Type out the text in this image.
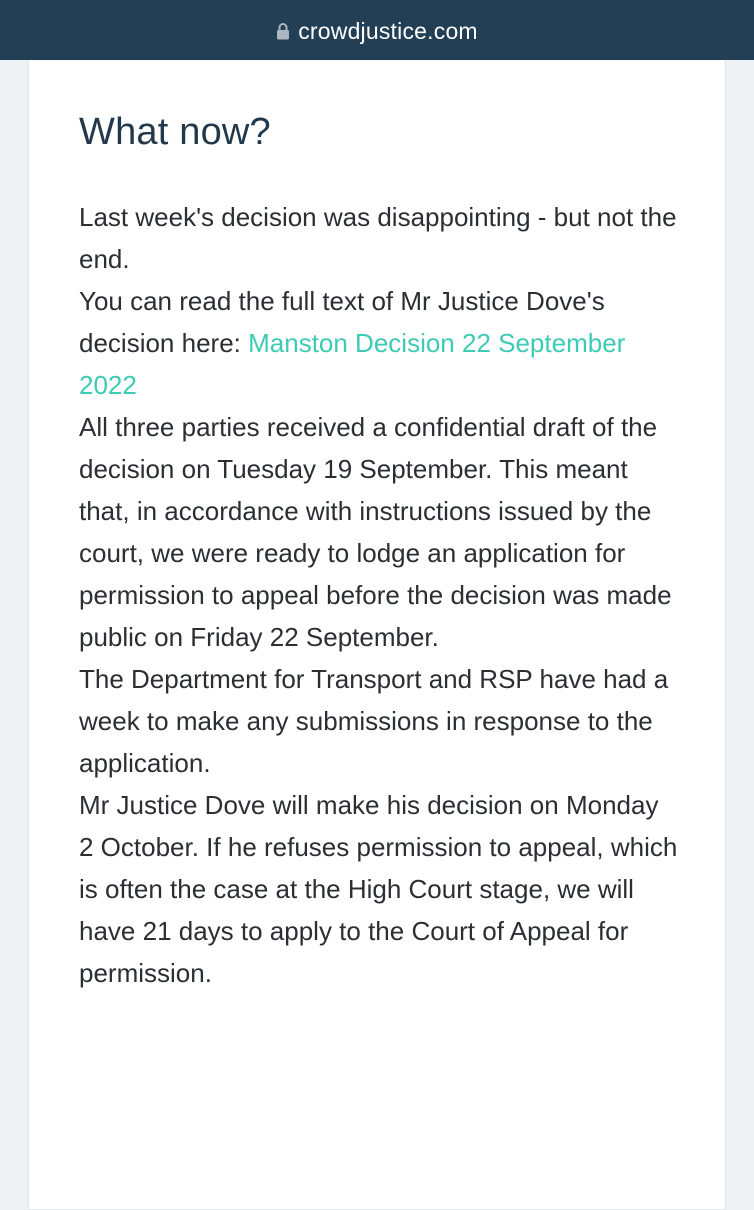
crowdjustice.com
What now?

Last week's decision was disappointing - but not the end.

You can read the full text of Mr Justice Dove's decision here: Manston Decision 22 September 2022

All three parties received a confidential draft of the decision on Tuesday 19 September. This meant that, in accordance with instructions issued by the court, we were ready to lodge an application for permission to appeal before the decision was made public on Friday 22 September.

The Department for Transport and RSP have had a week to make any submissions in response to the application.

Mr Justice Dove will make his decision on Monday 2 October. If he refuses permission to appeal, which is often the case at the High Court stage, we will have 21 days to apply to the Court of Appeal for permission.
